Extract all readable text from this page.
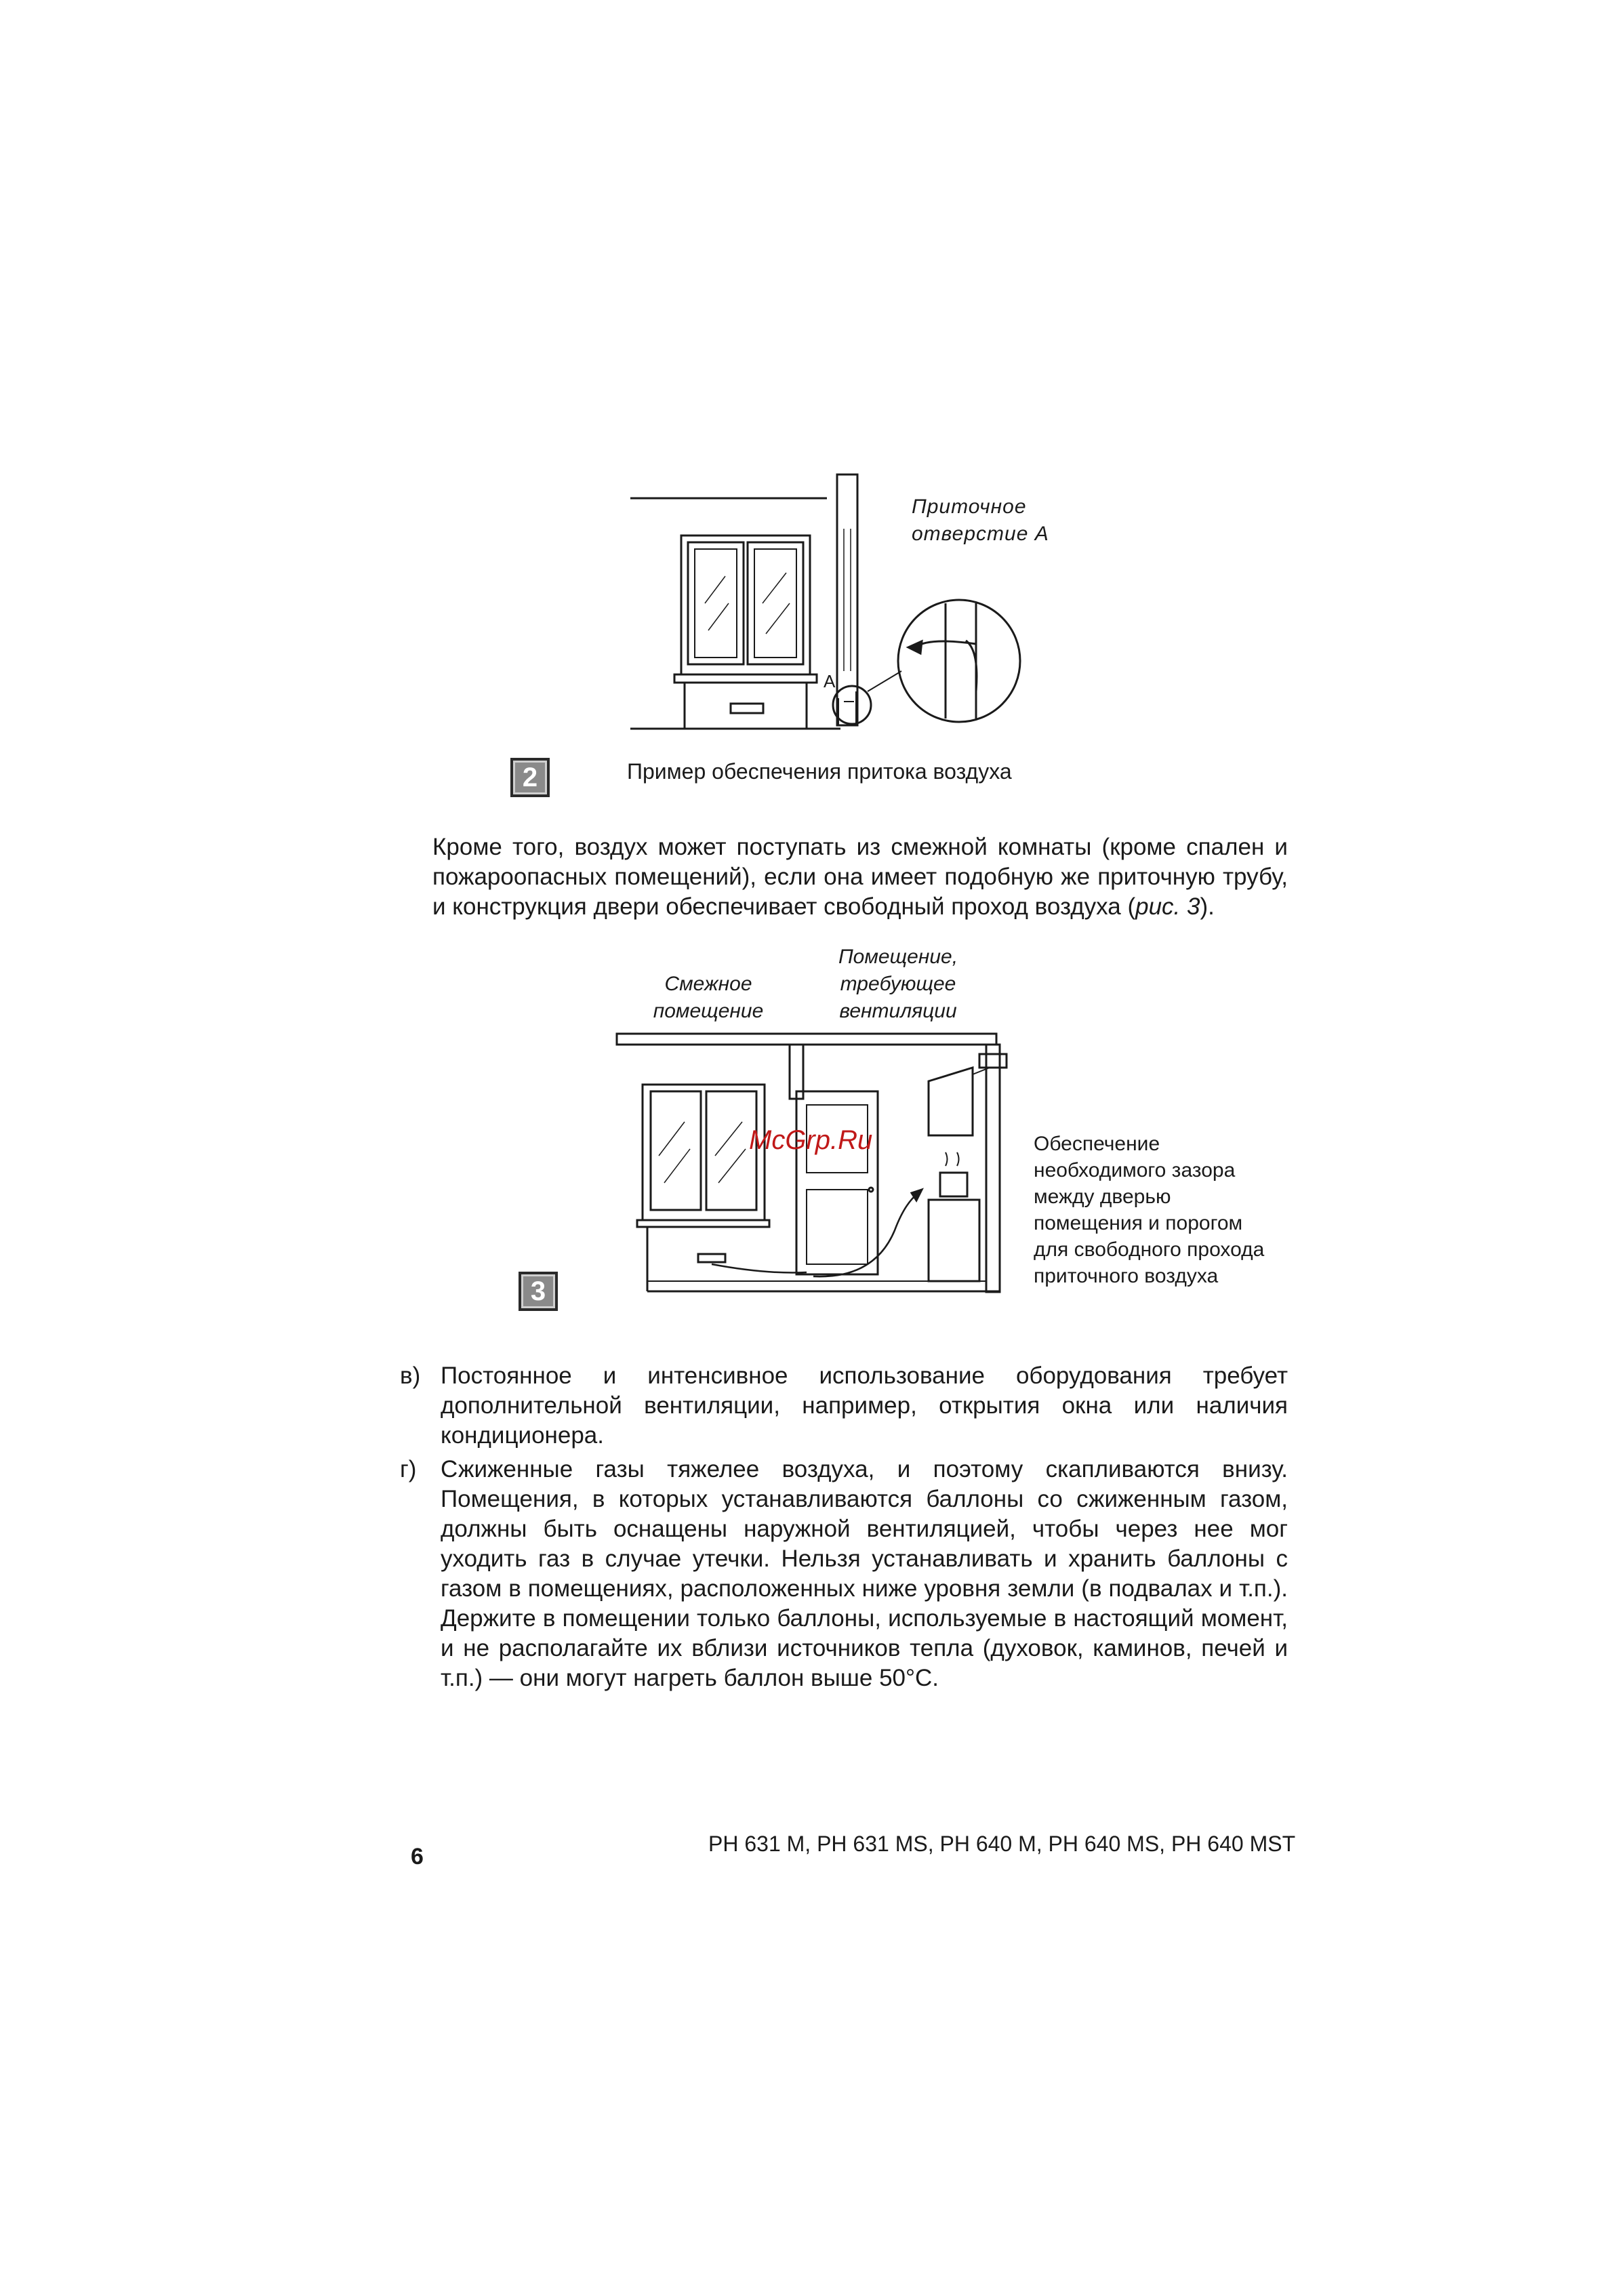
Приточное
отверстие А
А
2	Пример обеспечения притока воздуха
Кроме того, воздух может поступать из смежной комнаты (кроме спален и пожароопасных помещений), если она имеет подобную же приточную трубу, и конструкция двери обеспечивает свободный проход воздуха (рис. 3).
Смежное
помещение
Помещение,
требующее
вентиляции
McGrp.Ru	Обеспечение
необходимого зазора
между дверью
помещения и порогом
для свободного прохода
приточного воздуха
3
в) Постоянное и интенсивное использование оборудования требует дополнительной вентиляции, например, открытия окна или наличия кондиционера.
г) Сжиженные газы тяжелее воздуха, и поэтому скапливаются внизу. Помещения, в которых устанавливаются баллоны со сжиженным газом, должны быть оснащены наружной вентиляцией, чтобы через нее мог уходить газ в случае утечки. Нельзя устанавливать и хранить баллоны с газом в помещениях, расположенных ниже уровня земли (в подвалах и т.п.). Держите в помещении только баллоны, используемые в настоящий момент, и не располагайте их вблизи источников тепла (духовок, каминов, печей и т.п.) — они могут нагреть баллон выше 50°C.
6	PH 631 M, PH 631 MS, PH 640 M, PH 640 MS, PH 640 MST
